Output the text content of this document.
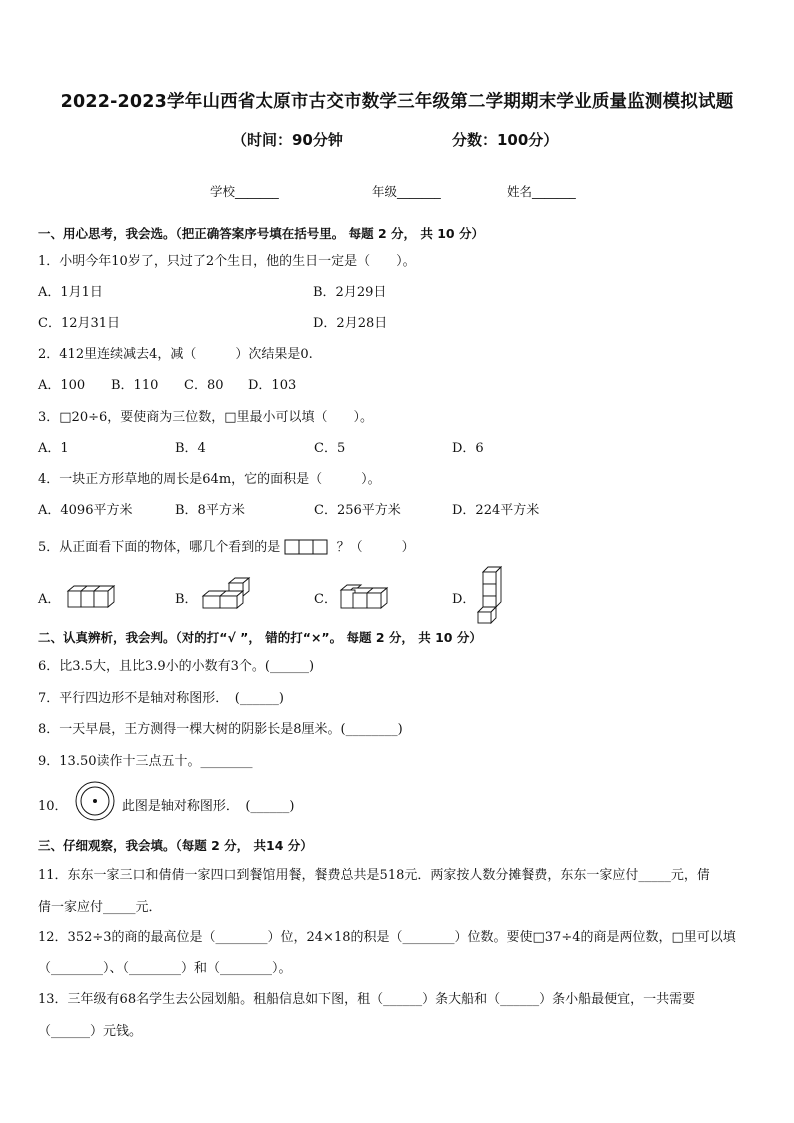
2022-2023学年山西省太原市古交市数学三年级第二学期期末学业质量监测模拟试题
（时间：90分钟	分数：100分）
学校_______	年级_______	姓名_______
一、用心思考，我会选。（把正确答案序号填在括号里。 每题 2 分， 共 10 分）
1．小明今年10岁了，只过了2个生日，他的生日一定是（　　）。
A．1月1日	B．2月29日
C．12月31日	D．2月28日
2．412里连续减去4，减（　　　）次结果是0.
A．100 B．110 C．80 D．103
3．□20÷6，要使商为三位数，□里最小可以填（　　）。
A．1	B．4	C．5	D．6
4．一块正方形草地的周长是64m，它的面积是（　　　）。
A．4096平方米	B．8平方米	C．256平方米	D．224平方米
5．从正面看下面的物体，哪几个看到的是	？（　　　）
A．	B．	C．	D．
二、认真辨析，我会判。（对的打“√ ”， 错的打“×”。 每题 2 分， 共 10 分）
6．比3.5大，且比3.9小的小数有3个。(______)
7．平行四边形不是轴对称图形．　(______)
8．一天早晨，王方测得一棵大树的阴影长是8厘米。(________)
9．13.50读作十三点五十。________
10．	此图是轴对称图形．　(______)
三、仔细观察，我会填。（每题 2 分， 共14 分）
11．东东一家三口和倩倩一家四口到餐馆用餐，餐费总共是518元．两家按人数分摊餐费，东东一家应付_____元，倩
倩一家应付_____元．
12．352÷3的商的最高位是（________）位，24×18的积是（________）位数。要使□37÷4的商是两位数，□里可以填
（________）、（________）和（________）。
13．三年级有68名学生去公园划船。租船信息如下图，租（______）条大船和（______）条小船最便宜，一共需要
（______）元钱。
